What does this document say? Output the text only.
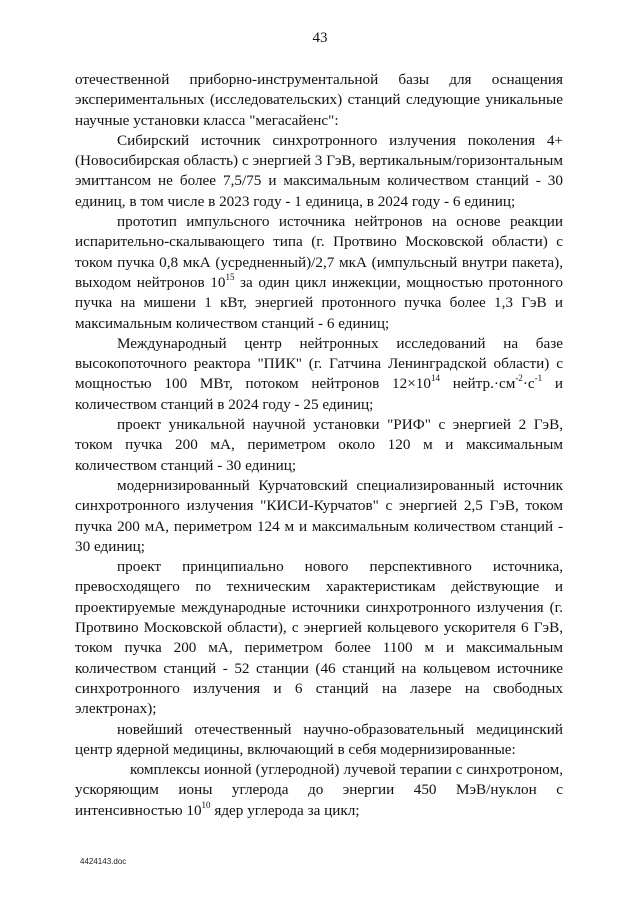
43

отечественной приборно-инструментальной базы для оснащения экспериментальных (исследовательских) станций следующие уникальные научные установки класса "мегасайенс":

Сибирский источник синхротронного излучения поколения 4+ (Новосибирская область) с энергией 3 ГэВ, вертикальным/горизонтальным эмиттансом не более 7,5/75 и максимальным количеством станций - 30 единиц, в том числе в 2023 году - 1 единица, в 2024 году - 6 единиц;

прототип импульсного источника нейтронов на основе реакции испарительно-скалывающего типа (г. Протвино Московской области) с током пучка 0,8 мкА (усредненный)/2,7 мкА (импульсный внутри пакета), выходом нейтронов $10^{15}$ за один цикл инжекции, мощностью протонного пучка на мишени 1 кВт, энергией протонного пучка более 1,3 ГэВ и максимальным количеством станций - 6 единиц;

Международный центр нейтронных исследований на базе высокопоточного реактора "ПИК" (г. Гатчина Ленинградской области) с мощностью 100 МВт, потоком нейтронов $12\times 10^{14}$ $нейтр.\cdot см^{-2}\cdot с^{-1}$ и количеством станций в 2024 году - 25 единиц;

проект уникальной научной установки "РИФ" с энергией 2 ГэВ, током пучка 200 мА, периметром около 120 м и максимальным количеством станций - 30 единиц;

модернизированный Курчатовский специализированный источник синхротронного излучения "КИСИ-Курчатов" с энергией 2,5 ГэВ, током пучка 200 мА, периметром 124 м и максимальным количеством станций - 30 единиц;

проект принципиально нового перспективного источника, превосходящего по техническим характеристикам действующие и проектируемые международные источники синхротронного излучения (г. Протвино Московской области), с энергией кольцевого ускорителя 6 ГэВ, током пучка 200 мА, периметром более 1100 м и максимальным количеством станций - 52 станции (46 станций на кольцевом источнике синхротронного излучения и 6 станций на лазере на свободных электронах);

новейший отечественный научно-образовательный медицинский центр ядерной медицины, включающий в себя модернизированные:

комплексы ионной (углеродной) лучевой терапии с синхротроном, ускоряющим ионы углерода до энергии 450 МэВ/нуклон с интенсивностью $10^{10}$ ядер углерода за цикл;

4424143.doc
